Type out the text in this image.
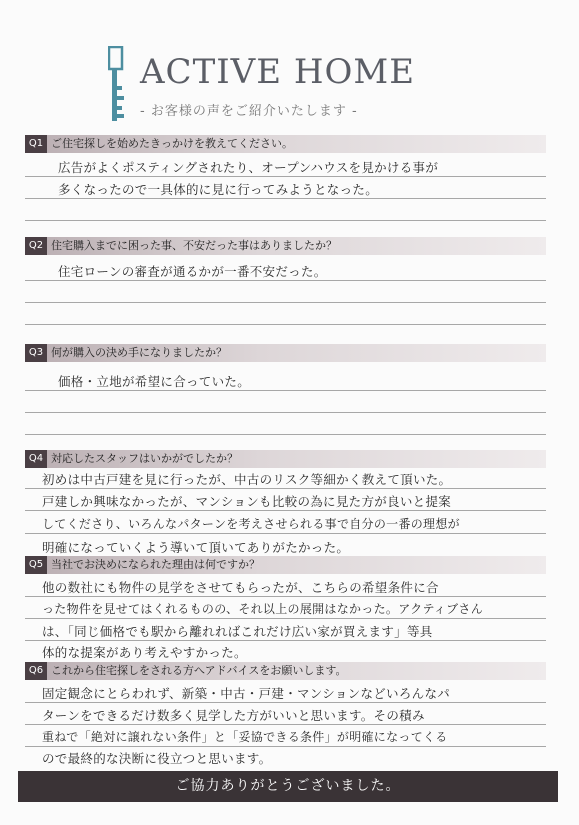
ACTIVE HOME
- お客様の声をご紹介いたします -
Q1 ご住宅探しを始めたきっかけを教えてください。
広告がよくポスティングされたり、オープンハウスを見かける事が
多くなったので一具体的に見に行ってみようとなった。
Q2 住宅購入までに困った事、不安だった事はありましたか？
住宅ローンの審査が通るかが一番不安だった。
Q3 何が購入の決め手になりましたか？
価格・立地が希望に合っていた。
Q4 対応したスタッフはいかがでしたか？
初めは中古戸建を見に行ったが、中古のリスク等細かく教えて頂いた。
戸建しか興味なかったが、マンションも比較の為に見た方が良いと提案
してくださり、いろんなパターンを考えさせられる事で自分の一番の理想が
明確になっていくよう導いて頂いてありがたかった。
Q5 当社でお決めになられた理由は何ですか？
他の数社にも物件の見学をさせてもらったが、こちらの希望条件に合
った物件を見せてはくれるものの、それ以上の展開はなかった。アクティブさん
は、「同じ価格でも駅から離れればこれだけ広い家が買えます」等具
体的な提案があり考えやすかった。
Q6 これから住宅探しをされる方へアドバイスをお願いします。
固定観念にとらわれず、新築・中古・戸建・マンションなどいろんなパ
ターンをできるだけ数多く見学した方がいいと思います。その積み
重ねで「絶対に譲れない条件」と「妥協できる条件」が明確になってくる
ので最終的な決断に役立つと思います。
ご協力ありがとうございました。
